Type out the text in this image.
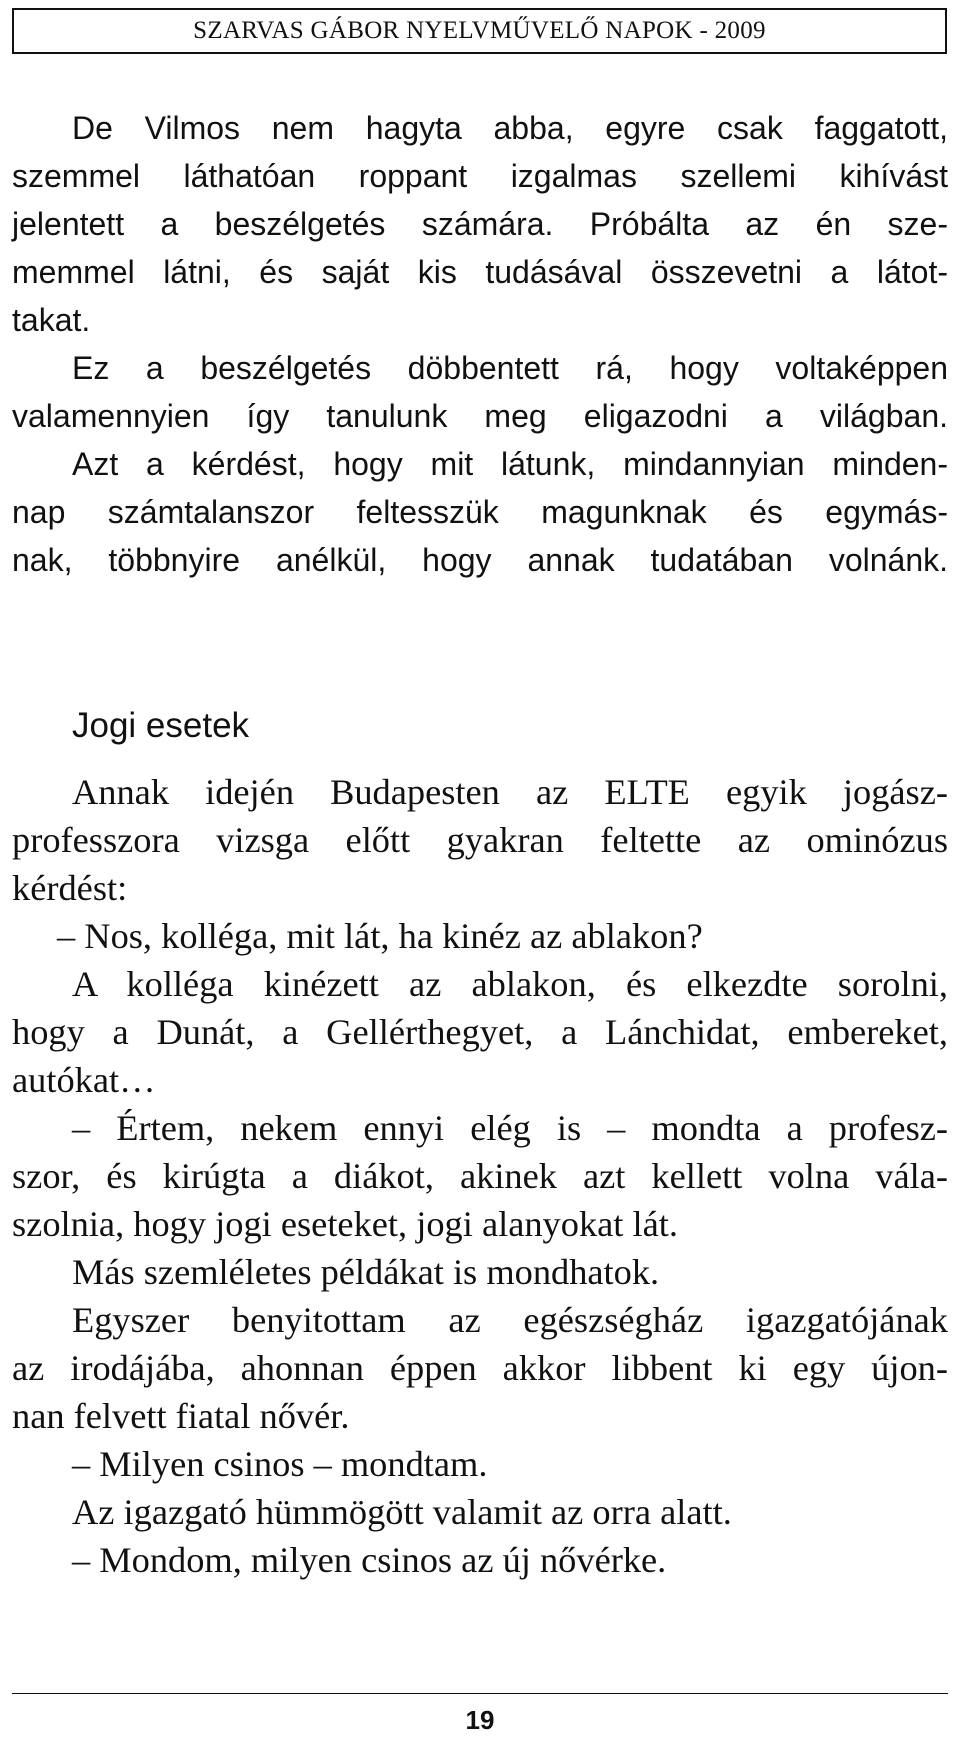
SZARVAS GÁBOR NYELVMŰVELŐ NAPOK - 2009
De Vilmos nem hagyta abba, egyre csak faggatott,
szemmel láthatóan roppant izgalmas szellemi kihívást
jelentett a beszélgetés számára. Próbálta az én sze-
memmel látni, és saját kis tudásával összevetni a látot-
takat.
Ez a beszélgetés döbbentett rá, hogy voltaképpen
valamennyien így tanulunk meg eligazodni a világban.
Azt a kérdést, hogy mit látunk, mindannyian minden-
nap számtalanszor feltesszük magunknak és egymás-
nak, többnyire anélkül, hogy annak tudatában volnánk.
Jogi esetek
Annak idején Budapesten az ELTE egyik jogász-
professzora vizsga előtt gyakran feltette az ominózus
kérdést:
– Nos, kolléga, mit lát, ha kinéz az ablakon?
A kolléga kinézett az ablakon, és elkezdte sorolni,
hogy a Dunát, a Gellérthegyet, a Lánchidat, embereket,
autókat…
– Értem, nekem ennyi elég is – mondta a profesz-
szor, és kirúgta a diákot, akinek azt kellett volna vála-
szolnia, hogy jogi eseteket, jogi alanyokat lát.
Más szemléletes példákat is mondhatok.
Egyszer benyitottam az egészségház igazgatójának
az irodájába, ahonnan éppen akkor libbent ki egy újon-
nan felvett fiatal nővér.
– Milyen csinos – mondtam.
Az igazgató hümmögött valamit az orra alatt.
– Mondom, milyen csinos az új nővérke.
19
